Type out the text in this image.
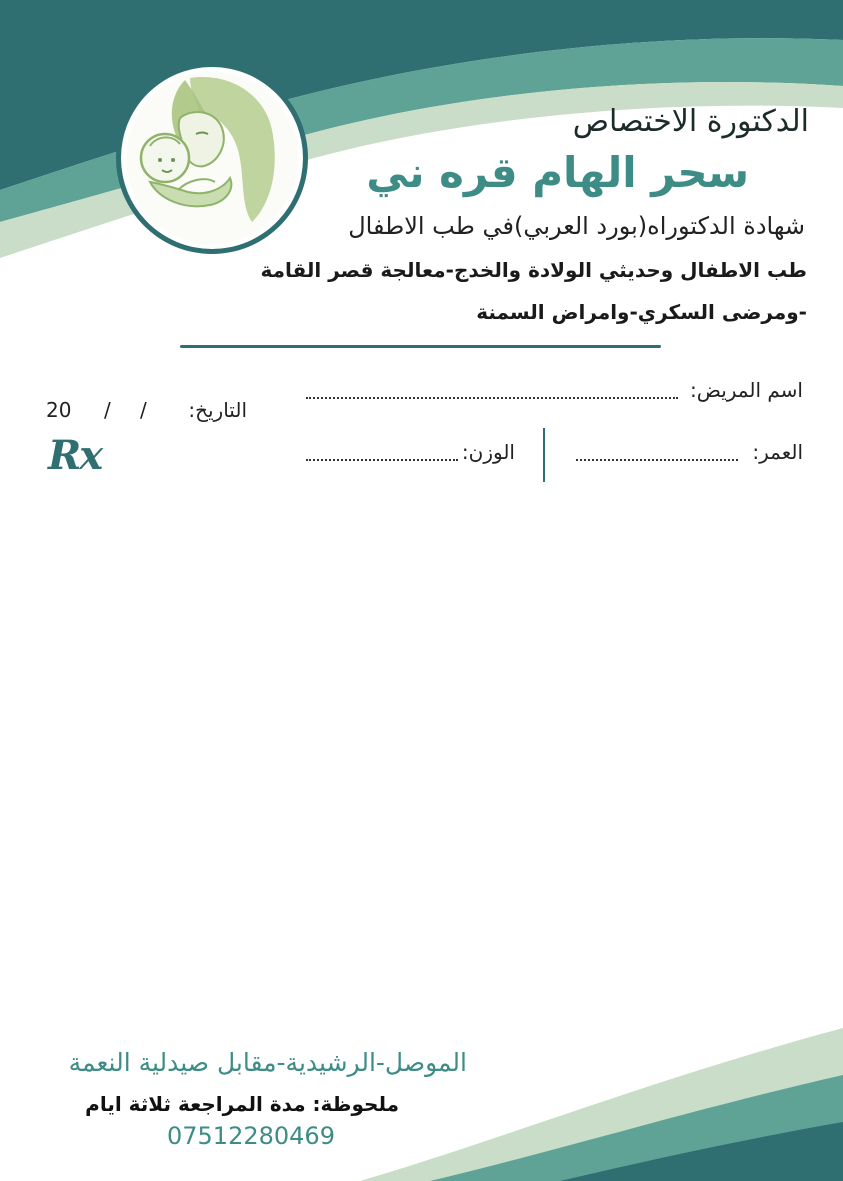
الدكتورة الاختصاص

سحر الهام قره ني

شهادة الدكتوراه(بورد العربي)في طب الاطفال

طب الاطفال وحديثي الولادة والخدج-معالجة قصر القامة

-ومرضى السكري-وامراض السمنة

اسم المريض:

العمر:

الوزن:

التاريخ:

/ /
20
Rx

الموصل-الرشيدية-مقابل صيدلية النعمة

ملحوظة: مدة المراجعة ثلاثة ايام

07512280469
